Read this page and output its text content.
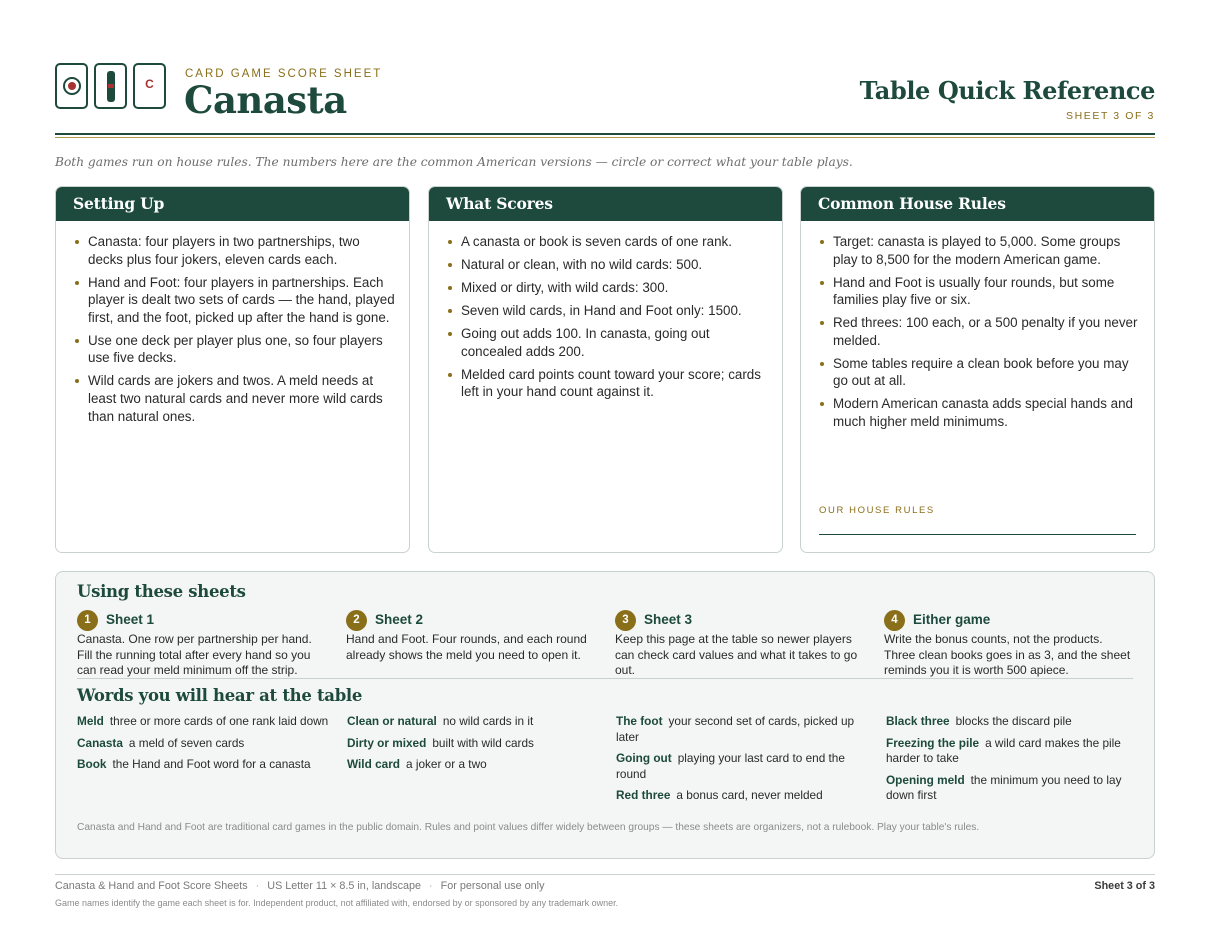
C
CARD GAME SCORE SHEET
Canasta	Table Quick Reference
SHEET 3 OF 3
Both games run on house rules. The numbers here are the common American versions — circle or correct what your table plays.
Setting Up
Canasta: four players in two partnerships, two decks plus four jokers, eleven cards each.
Hand and Foot: four players in partnerships. Each player is dealt two sets of cards — the hand, played first, and the foot, picked up after the hand is gone.
Use one deck per player plus one, so four players use five decks.
Wild cards are jokers and twos. A meld needs at least two natural cards and never more wild cards than natural ones.
What Scores
A canasta or book is seven cards of one rank.
Natural or clean, with no wild cards: 500.
Mixed or dirty, with wild cards: 300.
Seven wild cards, in Hand and Foot only: 1500.
Going out adds 100. In canasta, going out concealed adds 200.
Melded card points count toward your score; cards left in your hand count against it.
Common House Rules
Target: canasta is played to 5,000. Some groups play to 8,500 for the modern American game.
Hand and Foot is usually four rounds, but some families play five or six.
Red threes: 100 each, or a 500 penalty if you never melded.
Some tables require a clean book before you may go out at all.
Modern American canasta adds special hands and much higher meld minimums.
OUR HOUSE RULES
Using these sheets
1	Sheet 1
Canasta. One row per partnership per hand. Fill the running total after every hand so you can read your meld minimum off the strip.
2	Sheet 2
Hand and Foot. Four rounds, and each round already shows the meld you need to open it.
3	Sheet 3
Keep this page at the table so newer players can check card values and what it takes to go out.
4	Either game
Write the bonus counts, not the products. Three clean books goes in as 3, and the sheet reminds you it is worth 500 apiece.
Words you will hear at the table
Meld three or more cards of one rank laid down
Canasta a meld of seven cards
Book the Hand and Foot word for a canasta
Clean or natural no wild cards in it
Dirty or mixed built with wild cards
Wild card a joker or a two
The foot your second set of cards, picked up later
Going out playing your last card to end the round
Red three a bonus card, never melded
Black three blocks the discard pile
Freezing the pile a wild card makes the pile harder to take
Opening meld the minimum you need to lay down first
Canasta and Hand and Foot are traditional card games in the public domain. Rules and point values differ widely between groups — these sheets are organizers, not a rulebook. Play your table's rules.
Canasta & Hand and Foot Score Sheets · US Letter 11 × 8.5 in, landscape · For personal use only	Sheet 3 of 3
Game names identify the game each sheet is for. Independent product, not affiliated with, endorsed by or sponsored by any trademark owner.
